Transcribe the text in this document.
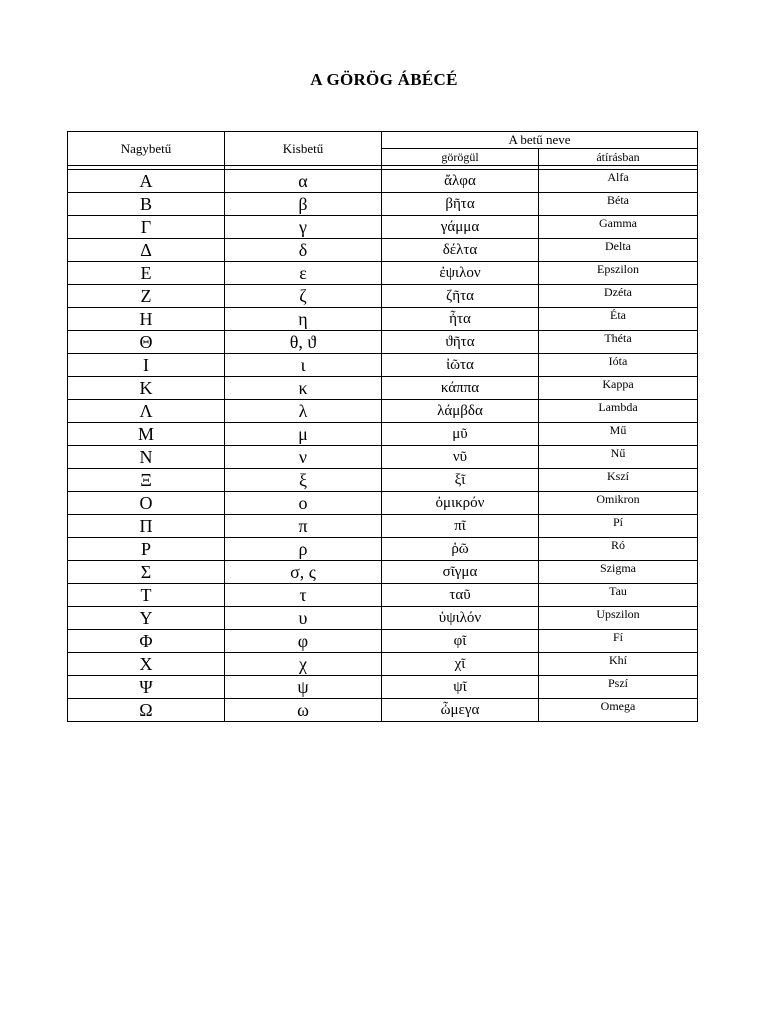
A GÖRÖG ÁBÉCÉ
Nagybetű	Kisbetű	A betű neve	
		görögül	átírásban

Α	α	ἄλφα	Alfa
Β	β	βῆτα	Béta
Γ	γ	γάμμα	Gamma
Δ	δ	δέλτα	Delta
Ε	ε	ἐψιλον	Epszilon
Ζ	ζ	ζῆτα	Dzéta
Η	η	ἦτα	Éta
Θ	θ, ϑ	ϑῆτα	Théta
Ι	ι	ἰῶτα	Ióta
Κ	κ	κάππα	Kappa
Λ	λ	λάμβδα	Lambda
Μ	μ	μῦ	Mű
Ν	ν	νῦ	Nű
Ξ	ξ	ξῖ	Kszí
Ο	ο	ὀμικρόν	Omikron
Π	π	πῖ	Pí
Ρ	ρ	ῥῶ	Ró
Σ	σ, ς	σῖγμα	Szigma
Τ	τ	ταῦ	Tau
Υ	υ	ὑψιλόν	Upszilon
Φ	φ	φῖ	Fí
Χ	χ	χῖ	Khí
Ψ	ψ	ψῖ	Pszí
Ω	ω	ὦμεγα	Omega
